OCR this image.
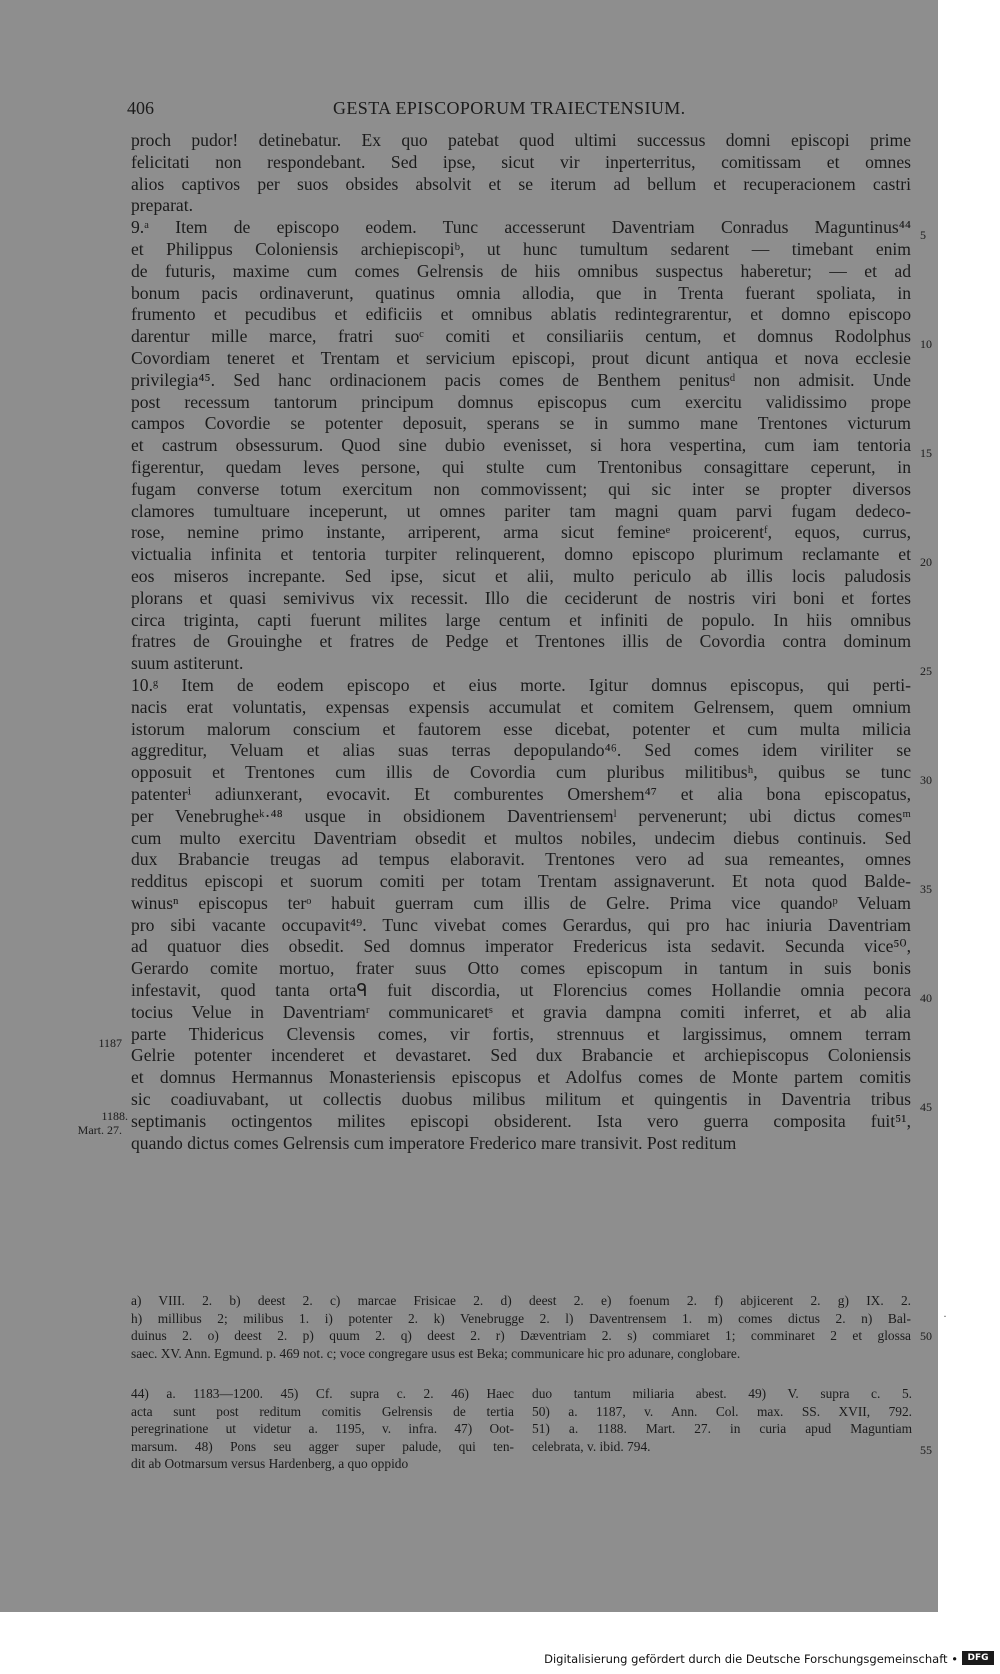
406	GESTA EPISCOPORUM TRAIECTENSIUM.
proch pudor! detinebatur. Ex quo patebat quod ultimi successus domni episcopi prime
felicitati non respondebant. Sed ipse, sicut vir inperterritus, comitissam et omnes
alios captivos per suos obsides absolvit et se iterum ad bellum et recuperacionem castri
preparat.
9.ᵃ Item de episcopo eodem. Tunc accesserunt Daventriam Conradus Maguntinus⁴⁴
et Philippus Coloniensis archiepiscopiᵇ, ut hunc tumultum sedarent — timebant enim
de futuris, maxime cum comes Gelrensis de hiis omnibus suspectus haberetur; — et ad
bonum pacis ordinaverunt, quatinus omnia allodia, que in Trenta fuerant spoliata, in
frumento et pecudibus et edificiis et omnibus ablatis redintegrarentur, et domno episcopo
darentur mille marce, fratri suoᶜ comiti et consiliariis centum, et domnus Rodolphus
Covordiam teneret et Trentam et servicium episcopi, prout dicunt antiqua et nova ecclesie
privilegia⁴⁵. Sed hanc ordinacionem pacis comes de Benthem penitusᵈ non admisit. Unde
post recessum tantorum principum domnus episcopus cum exercitu validissimo prope
campos Covordie se potenter deposuit, sperans se in summo mane Trentones victurum
et castrum obsessurum. Quod sine dubio evenisset, si hora vespertina, cum iam tentoria
figerentur, quedam leves persone, qui stulte cum Trentonibus consagittare ceperunt, in
fugam converse totum exercitum non commovissent; qui sic inter se propter diversos
clamores tumultuare inceperunt, ut omnes pariter tam magni quam parvi fugam dedeco-
rose, nemine primo instante, arriperent, arma sicut femineᵉ proicerentᶠ, equos, currus,
victualia infinita et tentoria turpiter relinquerent, domno episcopo plurimum reclamante et
eos miseros increpante. Sed ipse, sicut et alii, multo periculo ab illis locis paludosis
plorans et quasi semivivus vix recessit. Illo die ceciderunt de nostris viri boni et fortes
circa triginta, capti fuerunt milites large centum et infiniti de populo. In hiis omnibus
fratres de Grouinghe et fratres de Pedge et Trentones illis de Covordia contra dominum
suum astiterunt.
10.ᵍ Item de eodem episcopo et eius morte. Igitur domnus episcopus, qui perti-
nacis erat voluntatis, expensas expensis accumulat et comitem Gelrensem, quem omnium
istorum malorum conscium et fautorem esse dicebat, potenter et cum multa milicia
aggreditur, Veluam et alias suas terras depopulando⁴⁶. Sed comes idem viriliter se
opposuit et Trentones cum illis de Covordia cum pluribus militibusʰ, quibus se tunc
patenterⁱ adiunxerant, evocavit. Et comburentes Omershem⁴⁷ et alia bona episcopatus,
per Venebrugheᵏ·⁴⁸ usque in obsidionem Daventriensemˡ pervenerunt; ubi dictus comesᵐ
cum multo exercitu Daventriam obsedit et multos nobiles, undecim diebus continuis. Sed
dux Brabancie treugas ad tempus elaboravit. Trentones vero ad sua remeantes, omnes
redditus episcopi et suorum comiti per totam Trentam assignaverunt. Et nota quod Balde-
winusⁿ episcopus terᵒ habuit guerram cum illis de Gelre. Prima vice quandoᵖ Veluam
pro sibi vacante occupavit⁴⁹. Tunc vivebat comes Gerardus, qui pro hac iniuria Daventriam
ad quatuor dies obsedit. Sed domnus imperator Fredericus ista sedavit. Secunda vice⁵⁰,
Gerardo comite mortuo, frater suus Otto comes episcopum in tantum in suis bonis
infestavit, quod tanta ortaᑫ fuit discordia, ut Florencius comes Hollandie omnia pecora
tocius Velue in Daventriamʳ communicaretˢ et gravia dampna comiti inferret, et ab alia
parte Thidericus Clevensis comes, vir fortis, strennuus et largissimus, omnem terram
Gelrie potenter incenderet et devastaret. Sed dux Brabancie et archiepiscopus Coloniensis
et domnus Hermannus Monasteriensis episcopus et Adolfus comes de Monte partem comitis
sic coadiuvabant, ut collectis duobus milibus militum et quingentis in Daventria tribus
septimanis octingentos milites episcopi obsiderent. Ista vero guerra composita fuit⁵¹,
quando dictus comes Gelrensis cum imperatore Frederico mare transivit. Post reditum
5
10
15
20
25
30
35
40
45
50
55
1187
1188.
Mart. 27.
a) VIII. 2. b) deest 2. c) marcae Frisicae 2. d) deest 2. e) foenum 2. f) abjicerent 2. g) IX. 2.
h) millibus 2; milibus 1. i) potenter 2. k) Venebrugge 2. l) Daventrensem 1. m) comes dictus 2. n) Bal-
duinus 2. o) deest 2. p) quum 2. q) deest 2. r) Dæventriam 2. s) commiaret 1; comminaret 2 et glossa
saec. XV. Ann. Egmund. p. 469 not. c; voce congregare usus est Beka; communicare hic pro adunare, conglobare.
44) a. 1183—1200. 45) Cf. supra c. 2. 46) Haec
acta sunt post reditum comitis Gelrensis de tertia
peregrinatione ut videtur a. 1195, v. infra. 47) Oot-
marsum. 48) Pons seu agger super palude, qui ten-
dit ab Ootmarsum versus Hardenberg, a quo oppido
duo tantum miliaria abest. 49) V. supra c. 5.
50) a. 1187, v. Ann. Col. max. SS. XVII, 792.
51) a. 1188. Mart. 27. in curia apud Maguntiam
celebrata, v. ibid. 794.
·
Digitalisierung gefördert durch die Deutsche Forschungsgemeinschaft •	DFG
